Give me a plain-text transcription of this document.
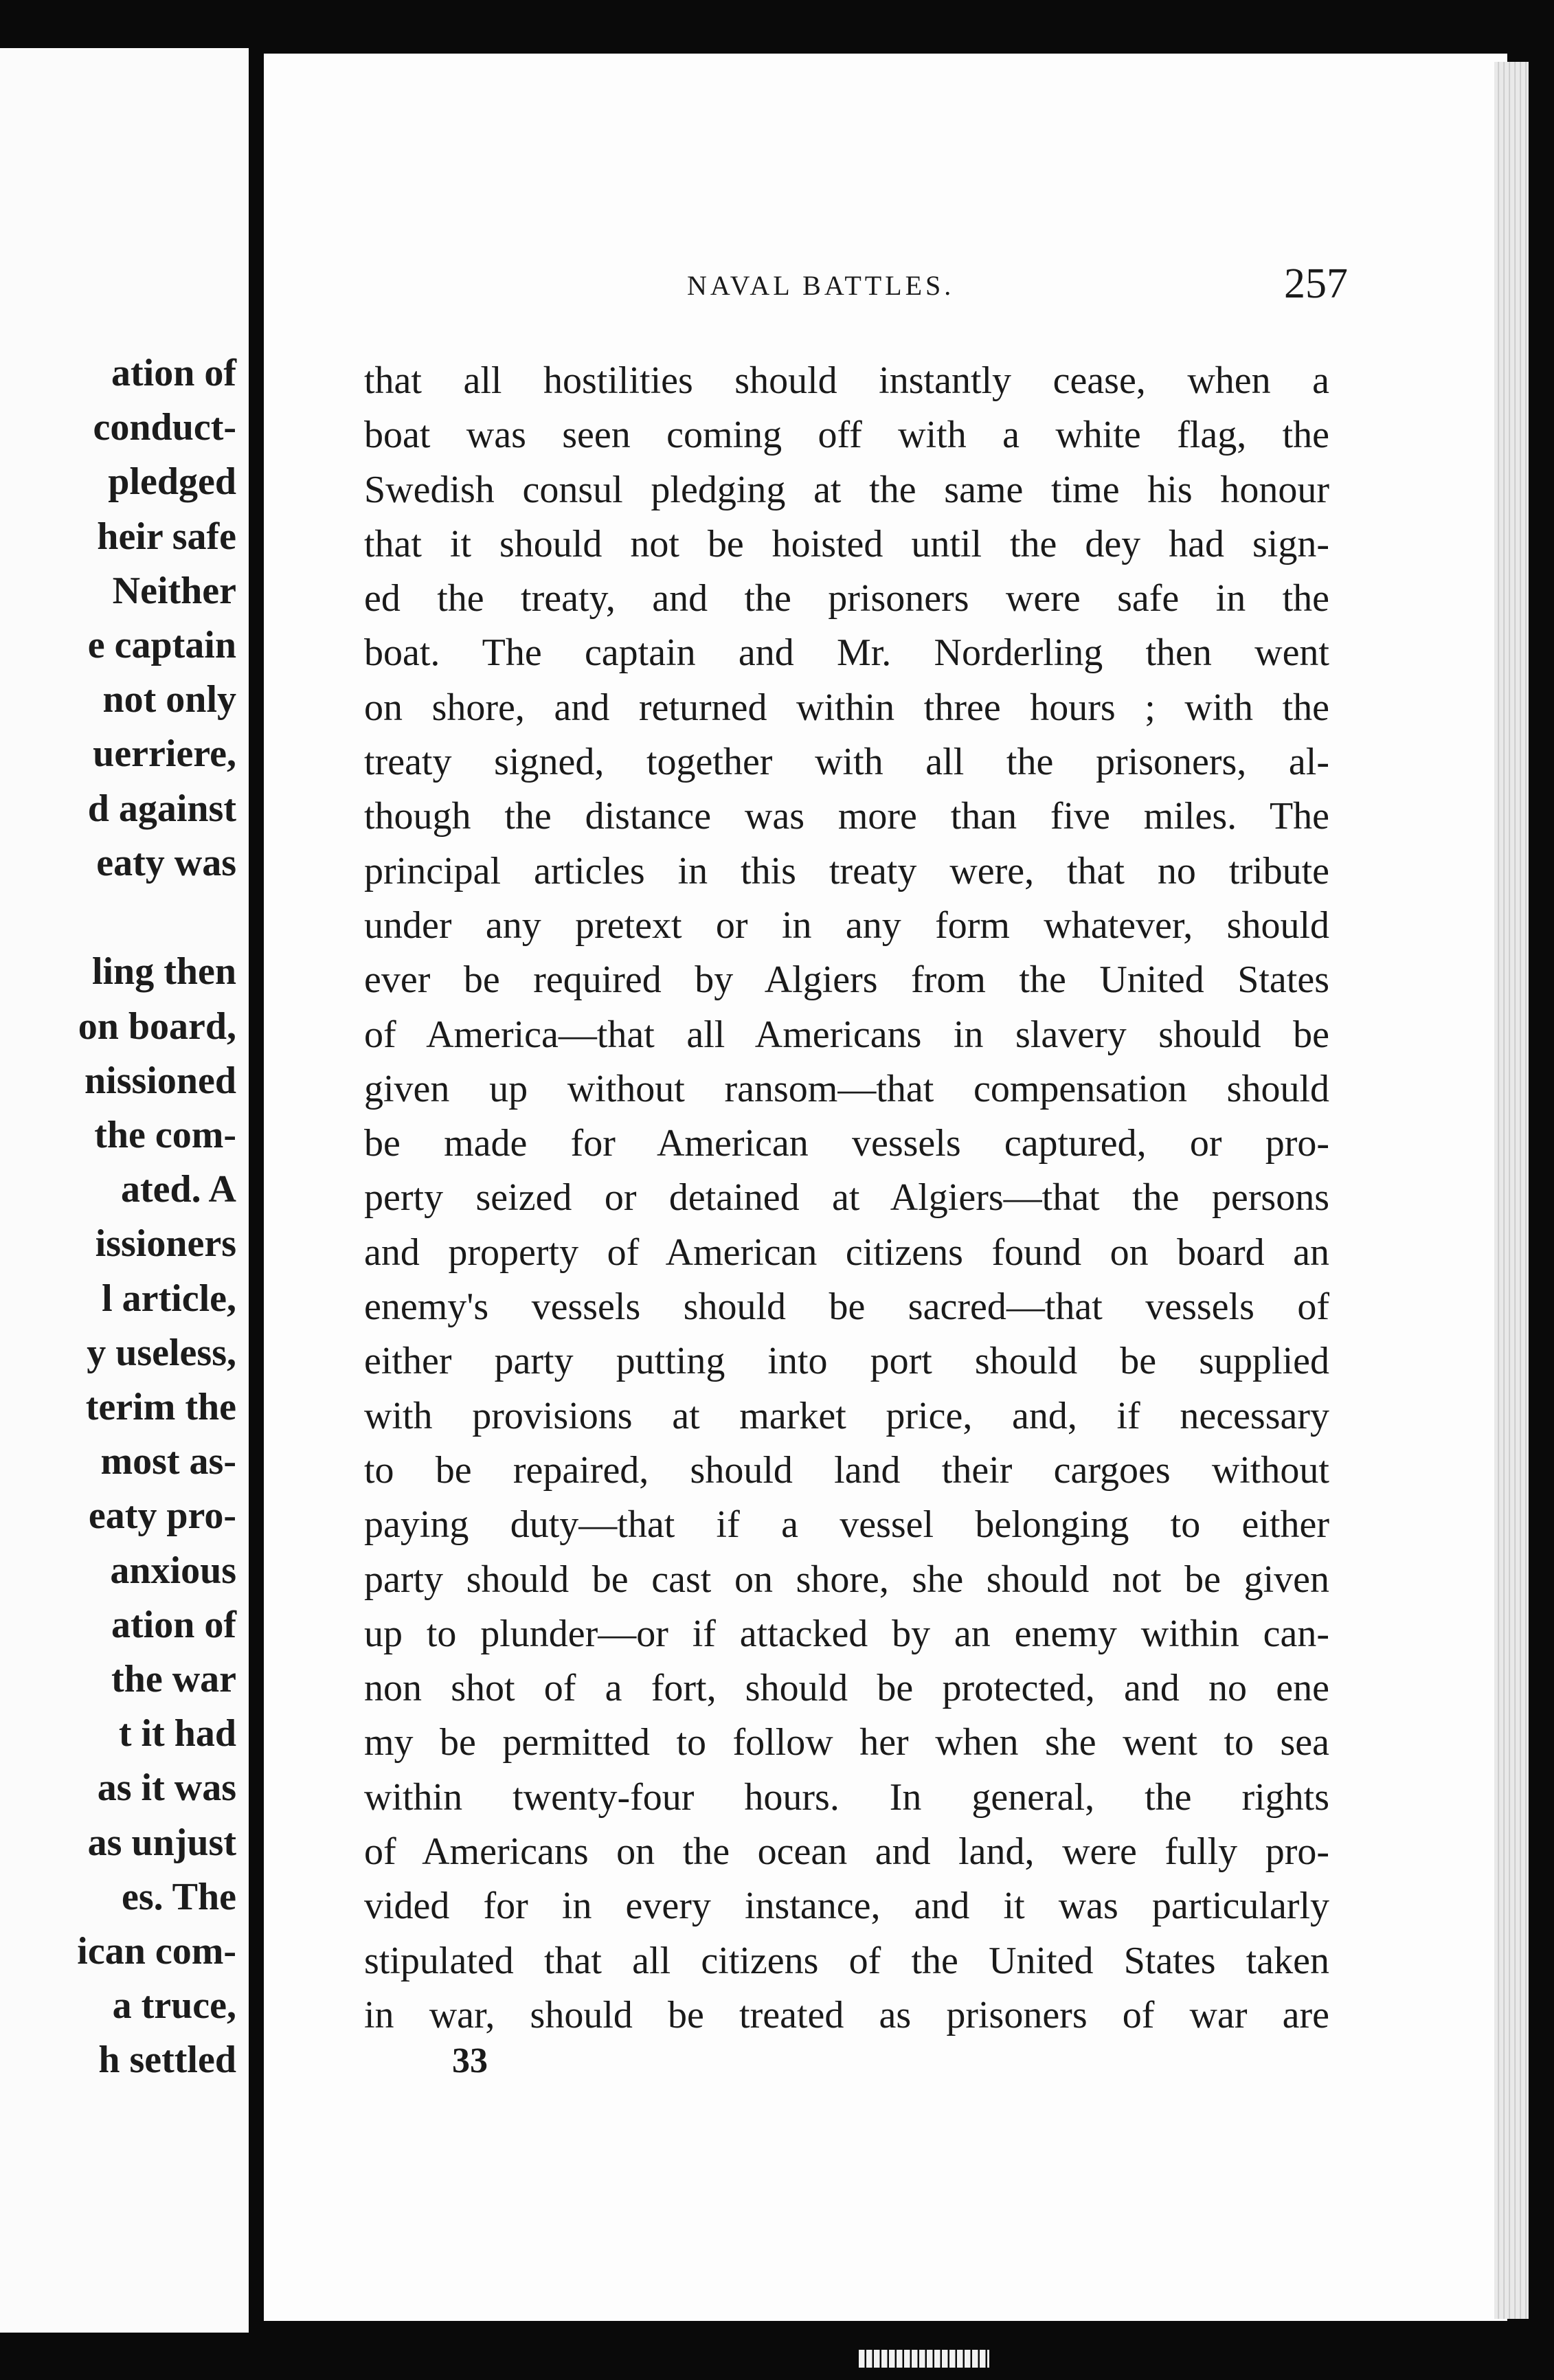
ation of
conduct-
pledged
heir safe
Neither
e captain
not only
uerriere,
d against
eaty was
ling then
on board,
nissioned
the com-
ated. A
issioners
l article,
y useless,
terim the
most as-
eaty pro-
anxious
ation of
the war
t it had
as it was
as unjust
es. The
ican com-
a truce,
h settled
NAVAL BATTLES.	257
that all hostilities should instantly cease, when a
boat was seen coming off with a white flag, the
Swedish consul pledging at the same time his honour
that it should not be hoisted until the dey had sign-
ed the treaty, and the prisoners were safe in the
boat. The captain and Mr. Norderling then went
on shore, and returned within three hours ; with the
treaty signed, together with all the prisoners, al-
though the distance was more than five miles. The
principal articles in this treaty were, that no tribute
under any pretext or in any form whatever, should
ever be required by Algiers from the United States
of America—that all Americans in slavery should be
given up without ransom—that compensation should
be made for American vessels captured, or pro-
perty seized or detained at Algiers—that the persons
and property of American citizens found on board an
enemy's vessels should be sacred—that vessels of
either party putting into port should be supplied
with provisions at market price, and, if necessary
to be repaired, should land their cargoes without
paying duty—that if a vessel belonging to either
party should be cast on shore, she should not be given
up to plunder—or if attacked by an enemy within can-
non shot of a fort, should be protected, and no ene
my be permitted to follow her when she went to sea
within twenty-four hours. In general, the rights
of Americans on the ocean and land, were fully pro-
vided for in every instance, and it was particularly
stipulated that all citizens of the United States taken
in war, should be treated as prisoners of war are
33
